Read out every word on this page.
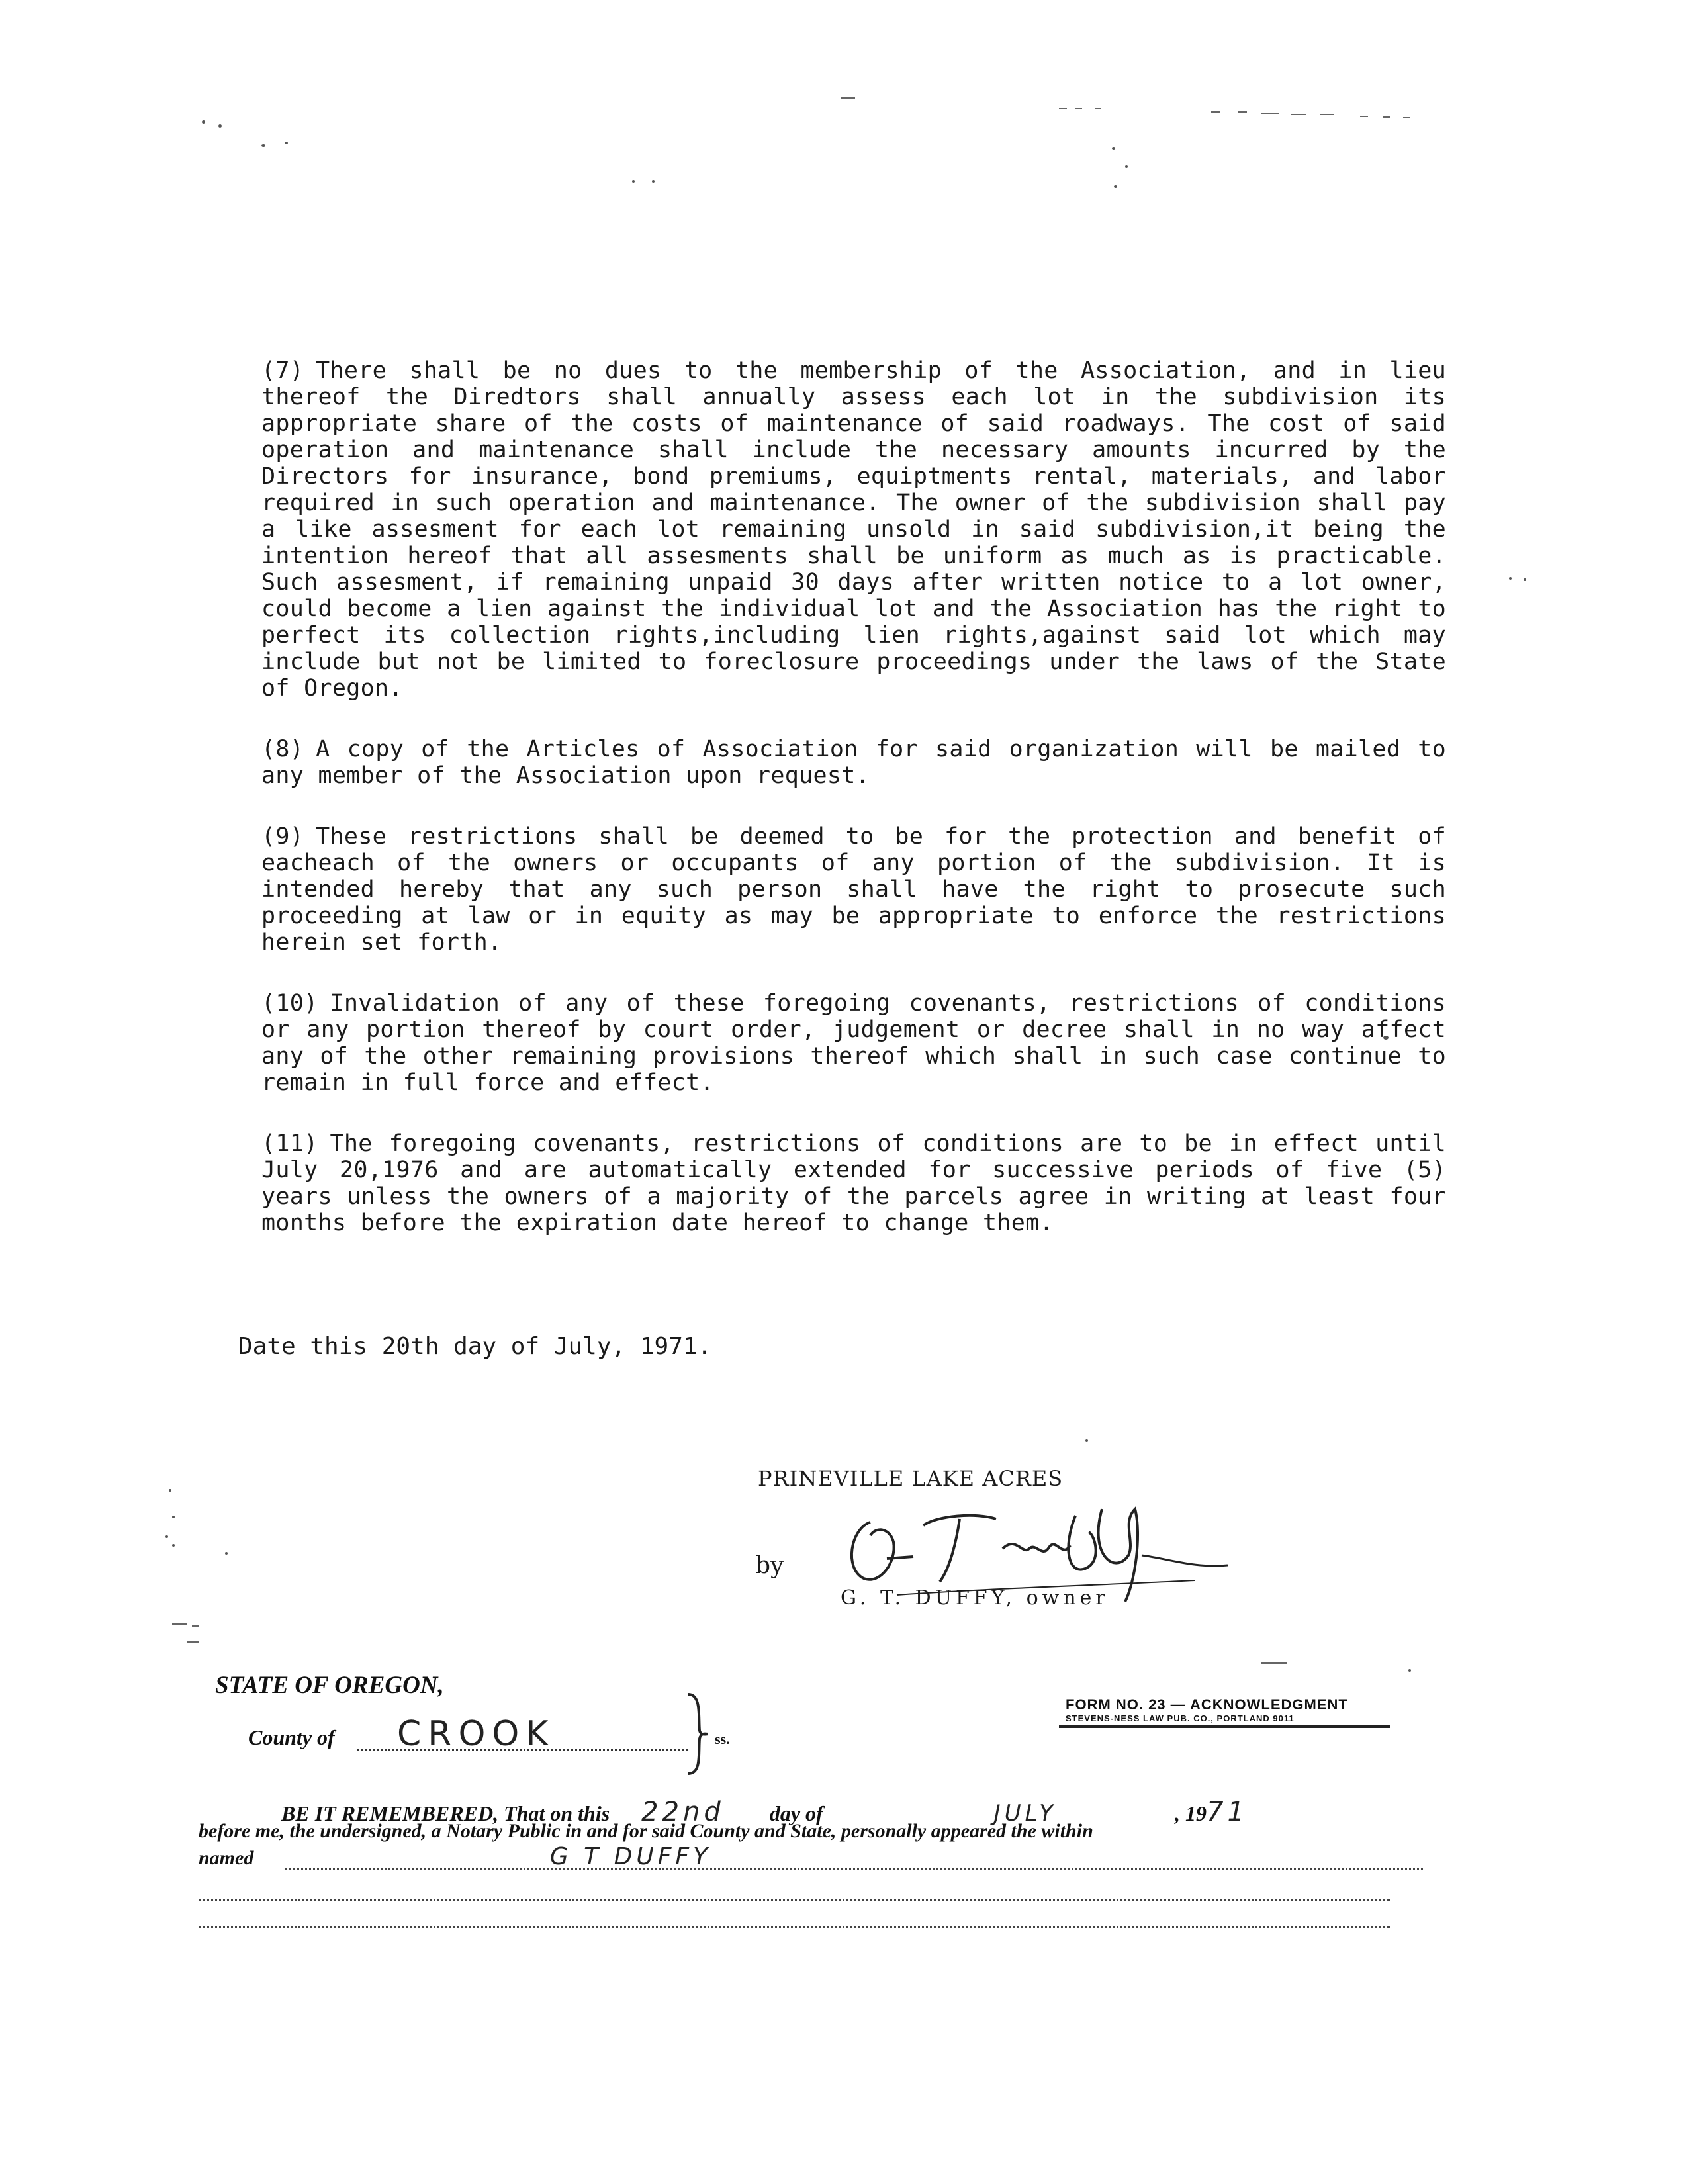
(7) There shall be no dues to the membership of the Association, and in lieu thereof the Diredtors shall annually assess each lot in the subdivision its appropriate share of the costs of maintenance of said roadways. The cost of said operation and maintenance shall include the necessary amounts incurred by the Directors for insurance, bond premiums, equiptments rental, materials, and labor required in such operation and maintenance. The owner of the subdivision shall pay a like assesment for each lot remaining unsold in said subdivision,it being the intention hereof that all assesments shall be uniform as much as is practicable. Such assesment, if remaining unpaid 30 days after written notice to a lot owner, could become a lien against the individual lot and the Association has the right to perfect its collection rights,including lien rights,against said lot which may include but not be limited to foreclosure proceedings under the laws of the State of Oregon.

(8) A copy of the Articles of Association for said organization will be mailed to any member of the Association upon request.

(9) These restrictions shall be deemed to be for the protection and benefit of eacheach of the owners or occupants of any portion of the subdivision. It is intended hereby that any such person shall have the right to prosecute such proceeding at law or in equity as may be appropriate to enforce the restrictions herein set forth.

(10) Invalidation of any of these foregoing covenants, restrictions of conditions or any portion thereof by court order, judgement or decree shall in no way affect any of the other remaining provisions thereof which shall in such case continue to remain in full force and effect.

(11) The foregoing covenants, restrictions of conditions are to be in effect until July 20,1976 and are automatically extended for successive periods of five (5) years unless the owners of a majority of the parcels agree in writing at least four months before the expiration date hereof to change them.

Date this 20th day of July, 1971.
PRINEVILLE LAKE ACRES
by
G. T. DUFFY, owner
STATE OF OREGON,
County of CROOK	ss.
FORM NO. 23 — ACKNOWLEDGMENT
STEVENS-NESS LAW PUB. CO., PORTLAND 9011
BE IT REMEMBERED, That on this 22nd day of	JULY	, 1971
before me, the undersigned, a Notary Public in and for said County and State, personally appeared the within
named	G T DUFFY
